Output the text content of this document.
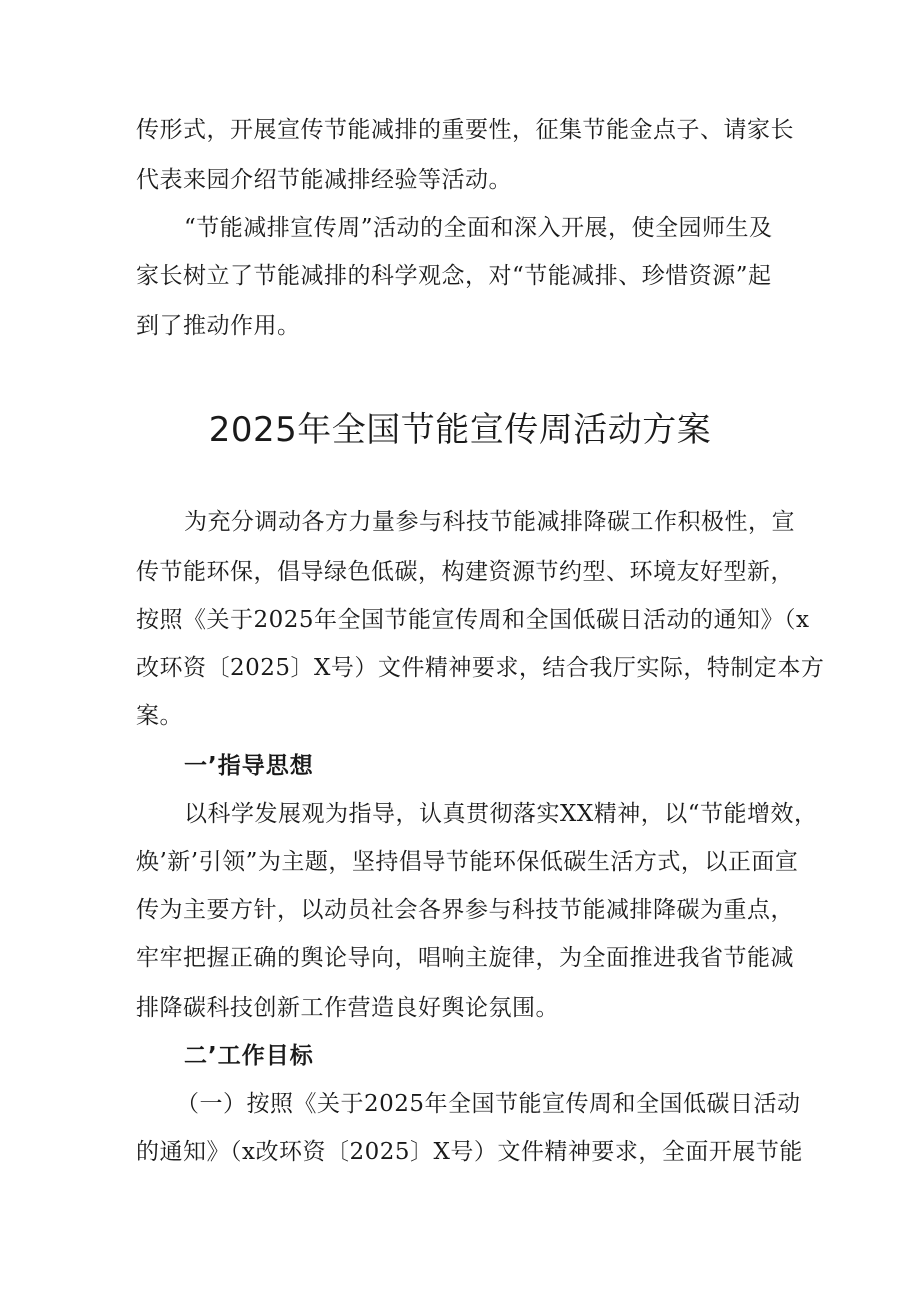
传形式，开展宣传节能减排的重要性，征集节能金点子、请家长
代表来园介绍节能减排经验等活动。
“节能减排宣传周”活动的全面和深入开展，使全园师生及
家长树立了节能减排的科学观念，对“节能减排、珍惜资源”起
到了推动作用。
2025年全国节能宣传周活动方案
为充分调动各方力量参与科技节能减排降碳工作积极性，宣
传节能环保，倡导绿色低碳，构建资源节约型、环境友好型新，
按照《关于2025年全国节能宣传周和全国低碳日活动的通知》（x
改环资〔2025〕X号）文件精神要求，结合我厅实际，特制定本方
案。
一’指导思想
以科学发展观为指导，认真贯彻落实XX精神，以“节能增效，
焕’新’引领”为主题，坚持倡导节能环保低碳生活方式，以正面宣
传为主要方针，以动员社会各界参与科技节能减排降碳为重点，
牢牢把握正确的舆论导向，唱响主旋律，为全面推进我省节能减
排降碳科技创新工作营造良好舆论氛围。
二’工作目标
（一）按照《关于2025年全国节能宣传周和全国低碳日活动
的通知》（x改环资〔2025〕X号）文件精神要求，全面开展节能
